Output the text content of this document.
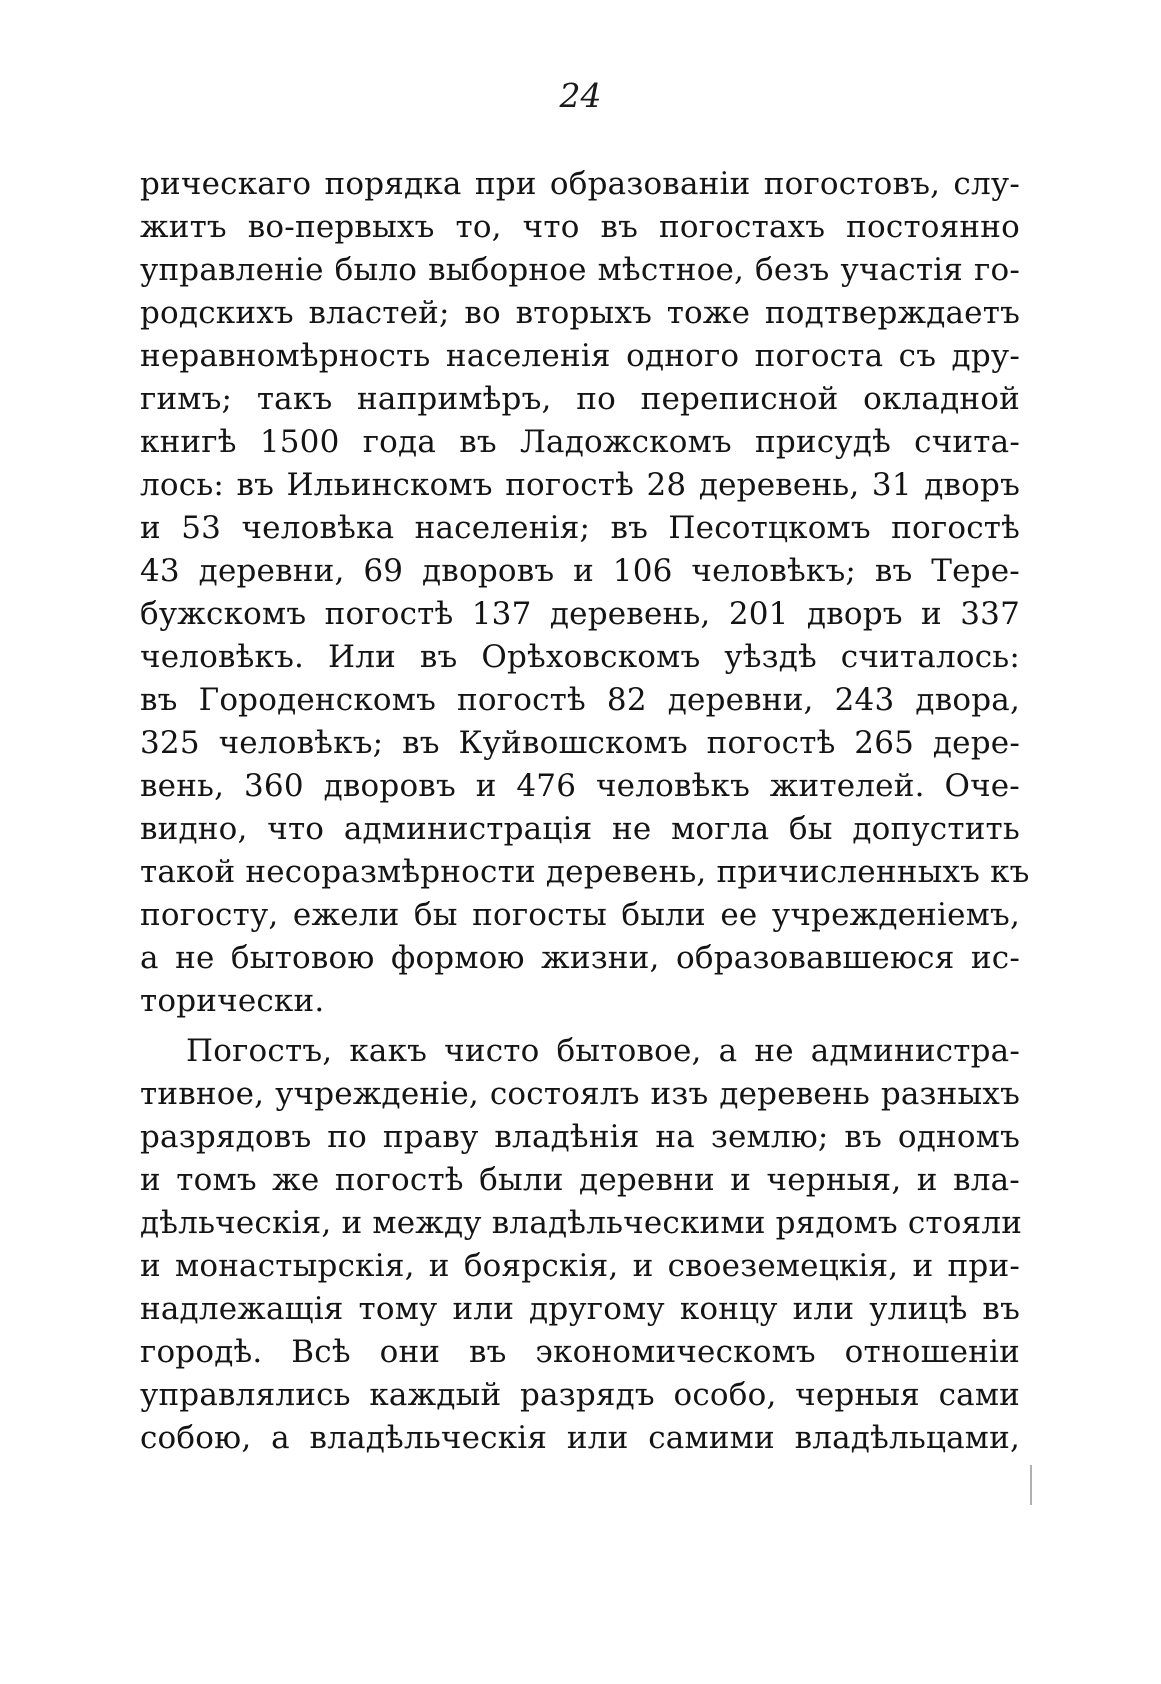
24
рическаго порядка при образованіи погостовъ, слу-
житъ во-первыхъ то, что въ погостахъ постоянно
управленіе было выборное мѣстное, безъ участія го-
родскихъ властей; во вторыхъ тоже подтверждаетъ
неравномѣрность населенія одного погоста съ дру-
гимъ; такъ напримѣръ, по переписной окладной
книгѣ 1500 года въ Ладожскомъ присудѣ счита-
лось: въ Ильинскомъ погостѣ 28 деревень, 31 дворъ
и 53 человѣка населенія; въ Песотцкомъ погостѣ
43 деревни, 69 дворовъ и 106 человѣкъ; въ Тере-
бужскомъ погостѣ 137 деревень, 201 дворъ и 337
человѣкъ. Или въ Орѣховскомъ уѣздѣ считалось:
въ Городенскомъ погостѣ 82 деревни, 243 двора,
325 человѣкъ; въ Куйвошскомъ погостѣ 265 дере-
вень, 360 дворовъ и 476 человѣкъ жителей. Оче-
видно, что администрація не могла бы допустить
такой несоразмѣрности деревень, причисленныхъ къ
погосту, ежели бы погосты были ее учрежденіемъ,
а не бытовою формою жизни, образовавшеюся ис-
торически.
Погостъ, какъ чисто бытовое, а не администра-
тивное, учрежденіе, состоялъ изъ деревень разныхъ
разрядовъ по праву владѣнія на землю; въ одномъ
и томъ же погостѣ были деревни и черныя, и вла-
дѣльческія, и между владѣльческими рядомъ стояли
и монастырскія, и боярскія, и своеземецкія, и при-
надлежащія тому или другому концу или улицѣ въ
городѣ. Всѣ они въ экономическомъ отношеніи
управлялись каждый разрядъ особо, черныя сами
собою, а владѣльческія или самими владѣльцами,
